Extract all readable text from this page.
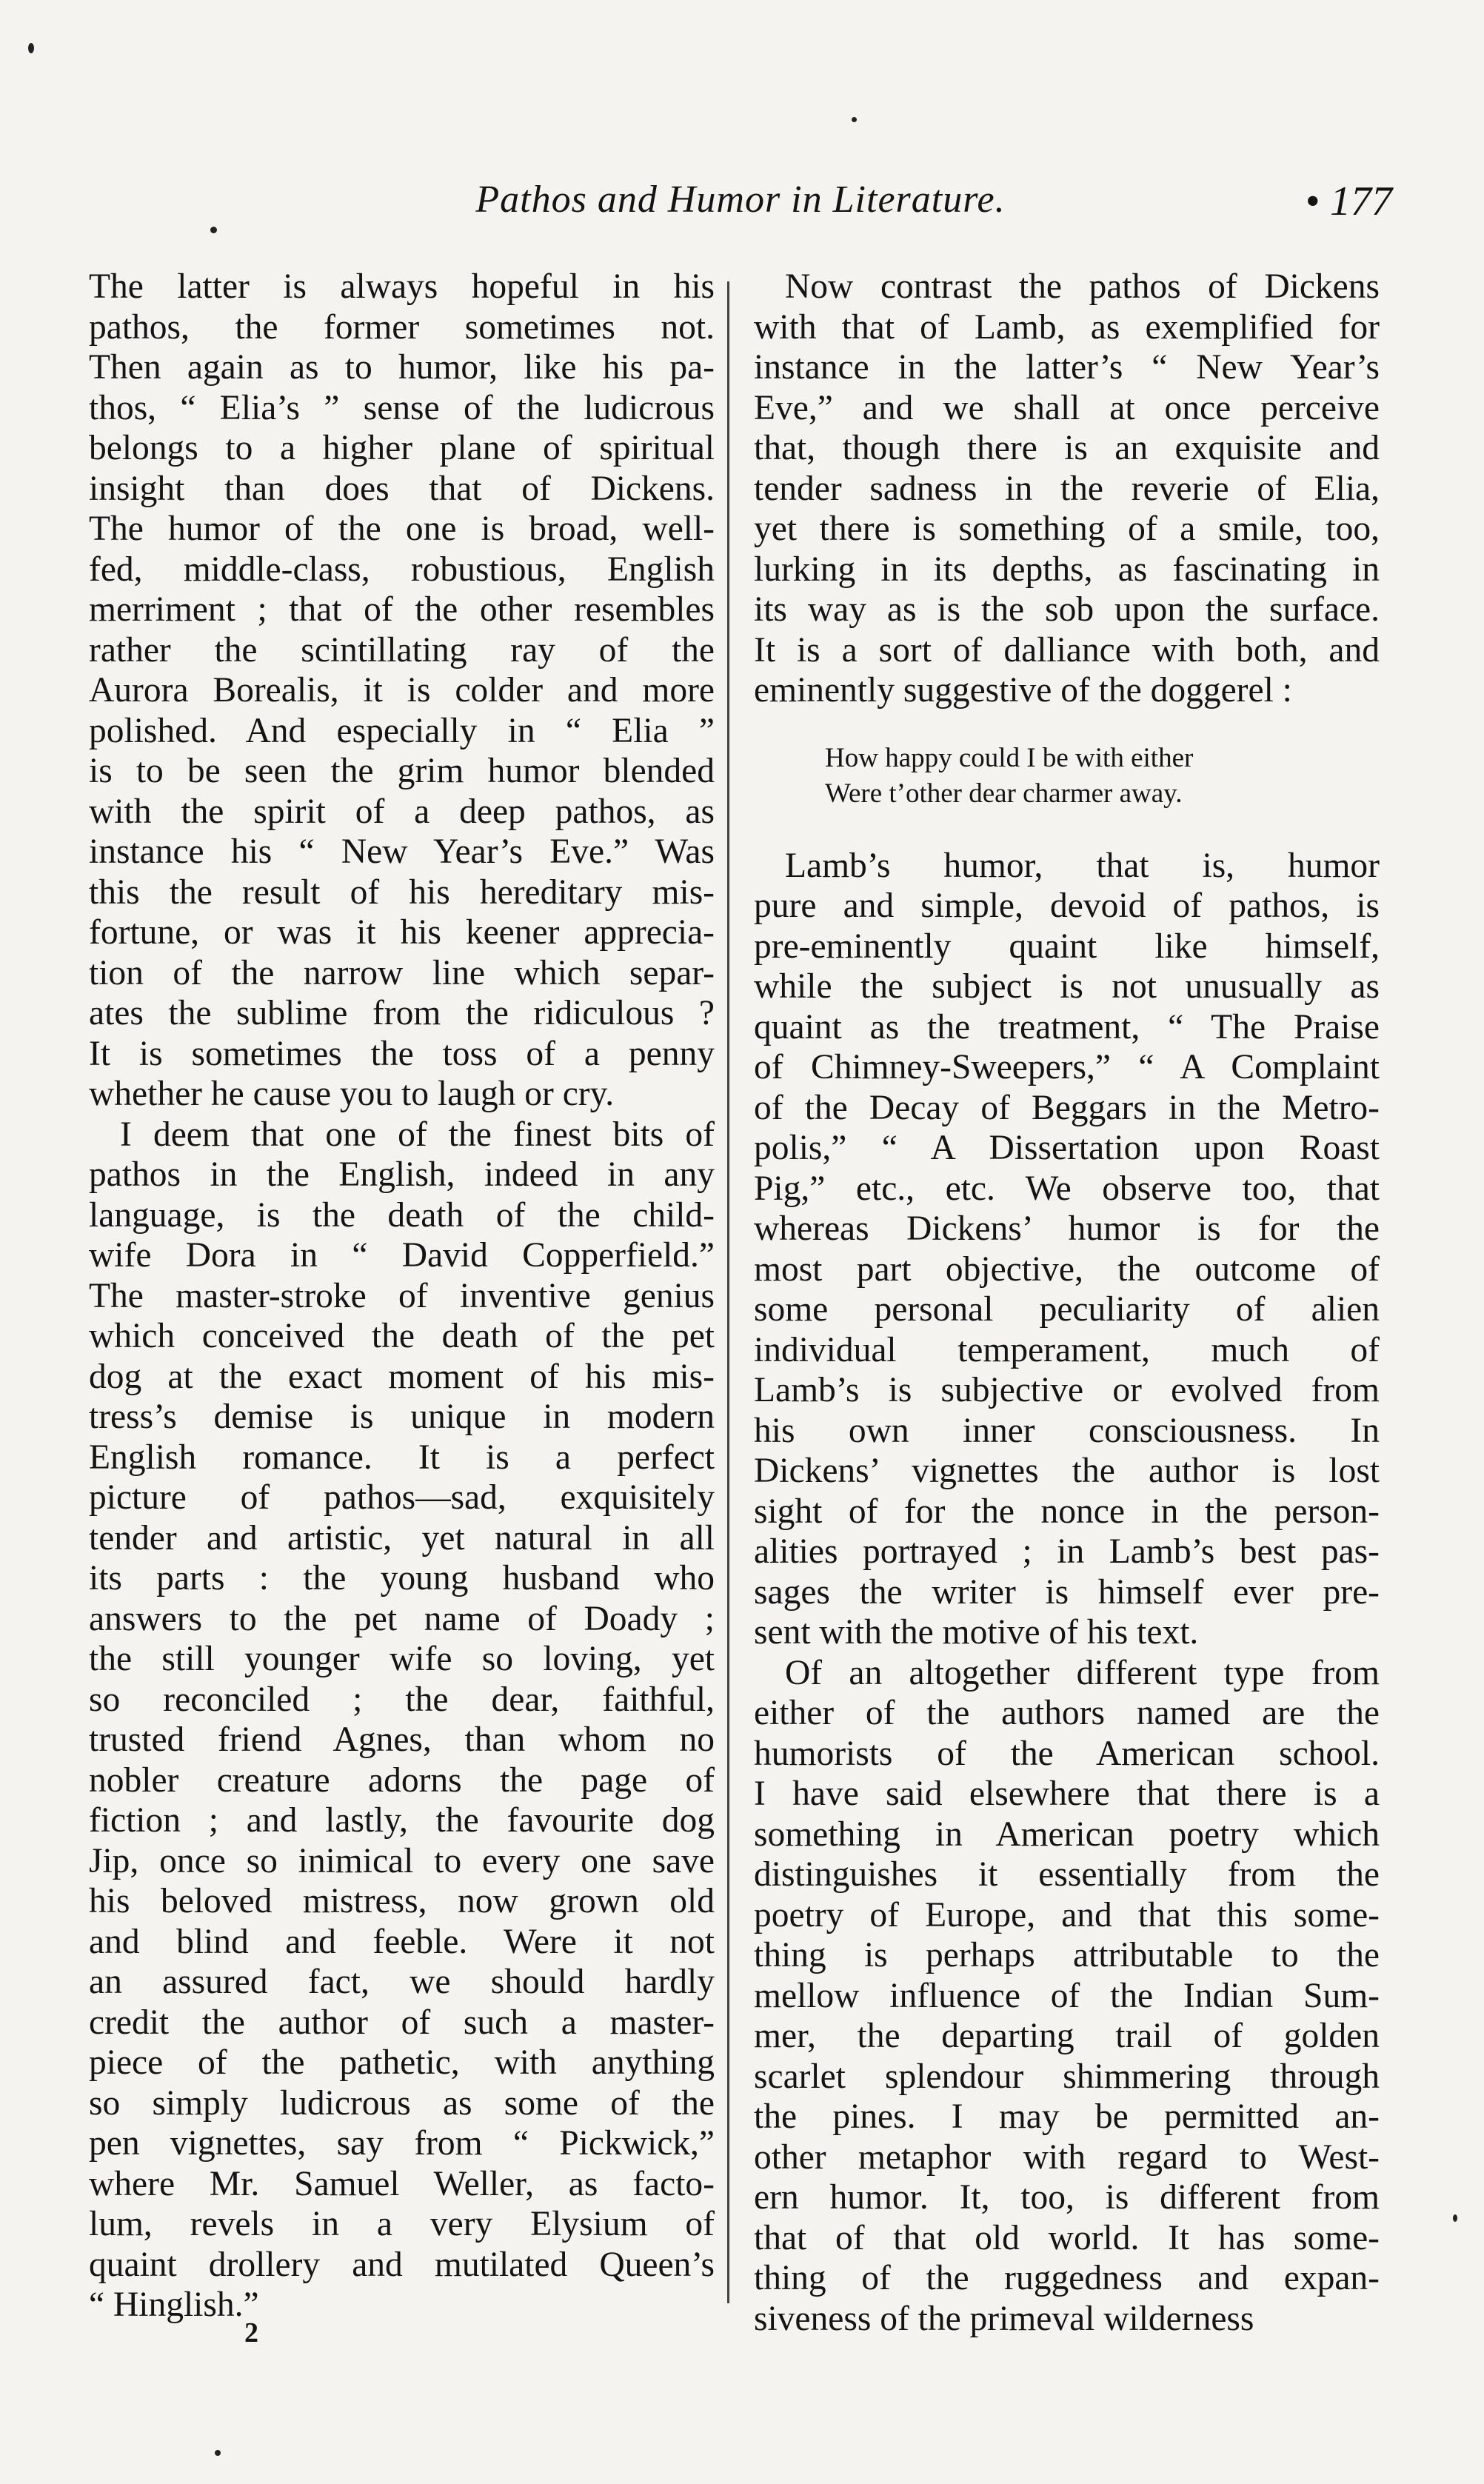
Pathos and Humor in Literature.	• 177
The latter is always hopeful in his
pathos, the former sometimes not.
Then again as to humor, like his pa-
thos, “ Elia’s ” sense of the ludicrous
belongs to a higher plane of spiritual
insight than does that of Dickens.
The humor of the one is broad, well-
fed, middle-class, robustious, English
merriment ; that of the other resembles
rather the scintillating ray of the
Aurora Borealis, it is colder and more
polished. And especially in “ Elia ”
is to be seen the grim humor blended
with the spirit of a deep pathos, as
instance his “ New Year’s Eve.” Was
this the result of his hereditary mis-
fortune, or was it his keener apprecia-
tion of the narrow line which separ-
ates the sublime from the ridiculous ?
It is sometimes the toss of a penny
whether he cause you to laugh or cry.
I deem that one of the finest bits of
pathos in the English, indeed in any
language, is the death of the child-
wife Dora in “ David Copperfield.”
The master-stroke of inventive genius
which conceived the death of the pet
dog at the exact moment of his mis-
tress’s demise is unique in modern
English romance. It is a perfect
picture of pathos—sad, exquisitely
tender and artistic, yet natural in all
its parts : the young husband who
answers to the pet name of Doady ;
the still younger wife so loving, yet
so reconciled ; the dear, faithful,
trusted friend Agnes, than whom no
nobler creature adorns the page of
fiction ; and lastly, the favourite dog
Jip, once so inimical to every one save
his beloved mistress, now grown old
and blind and feeble. Were it not
an assured fact, we should hardly
credit the author of such a master-
piece of the pathetic, with anything
so simply ludicrous as some of the
pen vignettes, say from “ Pickwick,”
where Mr. Samuel Weller, as facto-
lum, revels in a very Elysium of
quaint drollery and mutilated Queen’s
“ Hinglish.”
Now contrast the pathos of Dickens
with that of Lamb, as exemplified for
instance in the latter’s “ New Year’s
Eve,” and we shall at once perceive
that, though there is an exquisite and
tender sadness in the reverie of Elia,
yet there is something of a smile, too,
lurking in its depths, as fascinating in
its way as is the sob upon the surface.
It is a sort of dalliance with both, and
eminently suggestive of the doggerel :
How happy could I be with either
Were t’other dear charmer away.
Lamb’s humor, that is, humor
pure and simple, devoid of pathos, is
pre-eminently quaint like himself,
while the subject is not unusually as
quaint as the treatment, “ The Praise
of Chimney-Sweepers,” “ A Complaint
of the Decay of Beggars in the Metro-
polis,” “ A Dissertation upon Roast
Pig,” etc., etc. We observe too, that
whereas Dickens’ humor is for the
most part objective, the outcome of
some personal peculiarity of alien
individual temperament, much of
Lamb’s is subjective or evolved from
his own inner consciousness. In
Dickens’ vignettes the author is lost
sight of for the nonce in the person-
alities portrayed ; in Lamb’s best pas-
sages the writer is himself ever pre-
sent with the motive of his text.
Of an altogether different type from
either of the authors named are the
humorists of the American school.
I have said elsewhere that there is a
something in American poetry which
distinguishes it essentially from the
poetry of Europe, and that this some-
thing is perhaps attributable to the
mellow influence of the Indian Sum-
mer, the departing trail of golden
scarlet splendour shimmering through
the pines. I may be permitted an-
other metaphor with regard to West-
ern humor. It, too, is different from
that of that old world. It has some-
thing of the ruggedness and expan-
siveness of the primeval wilderness
2
